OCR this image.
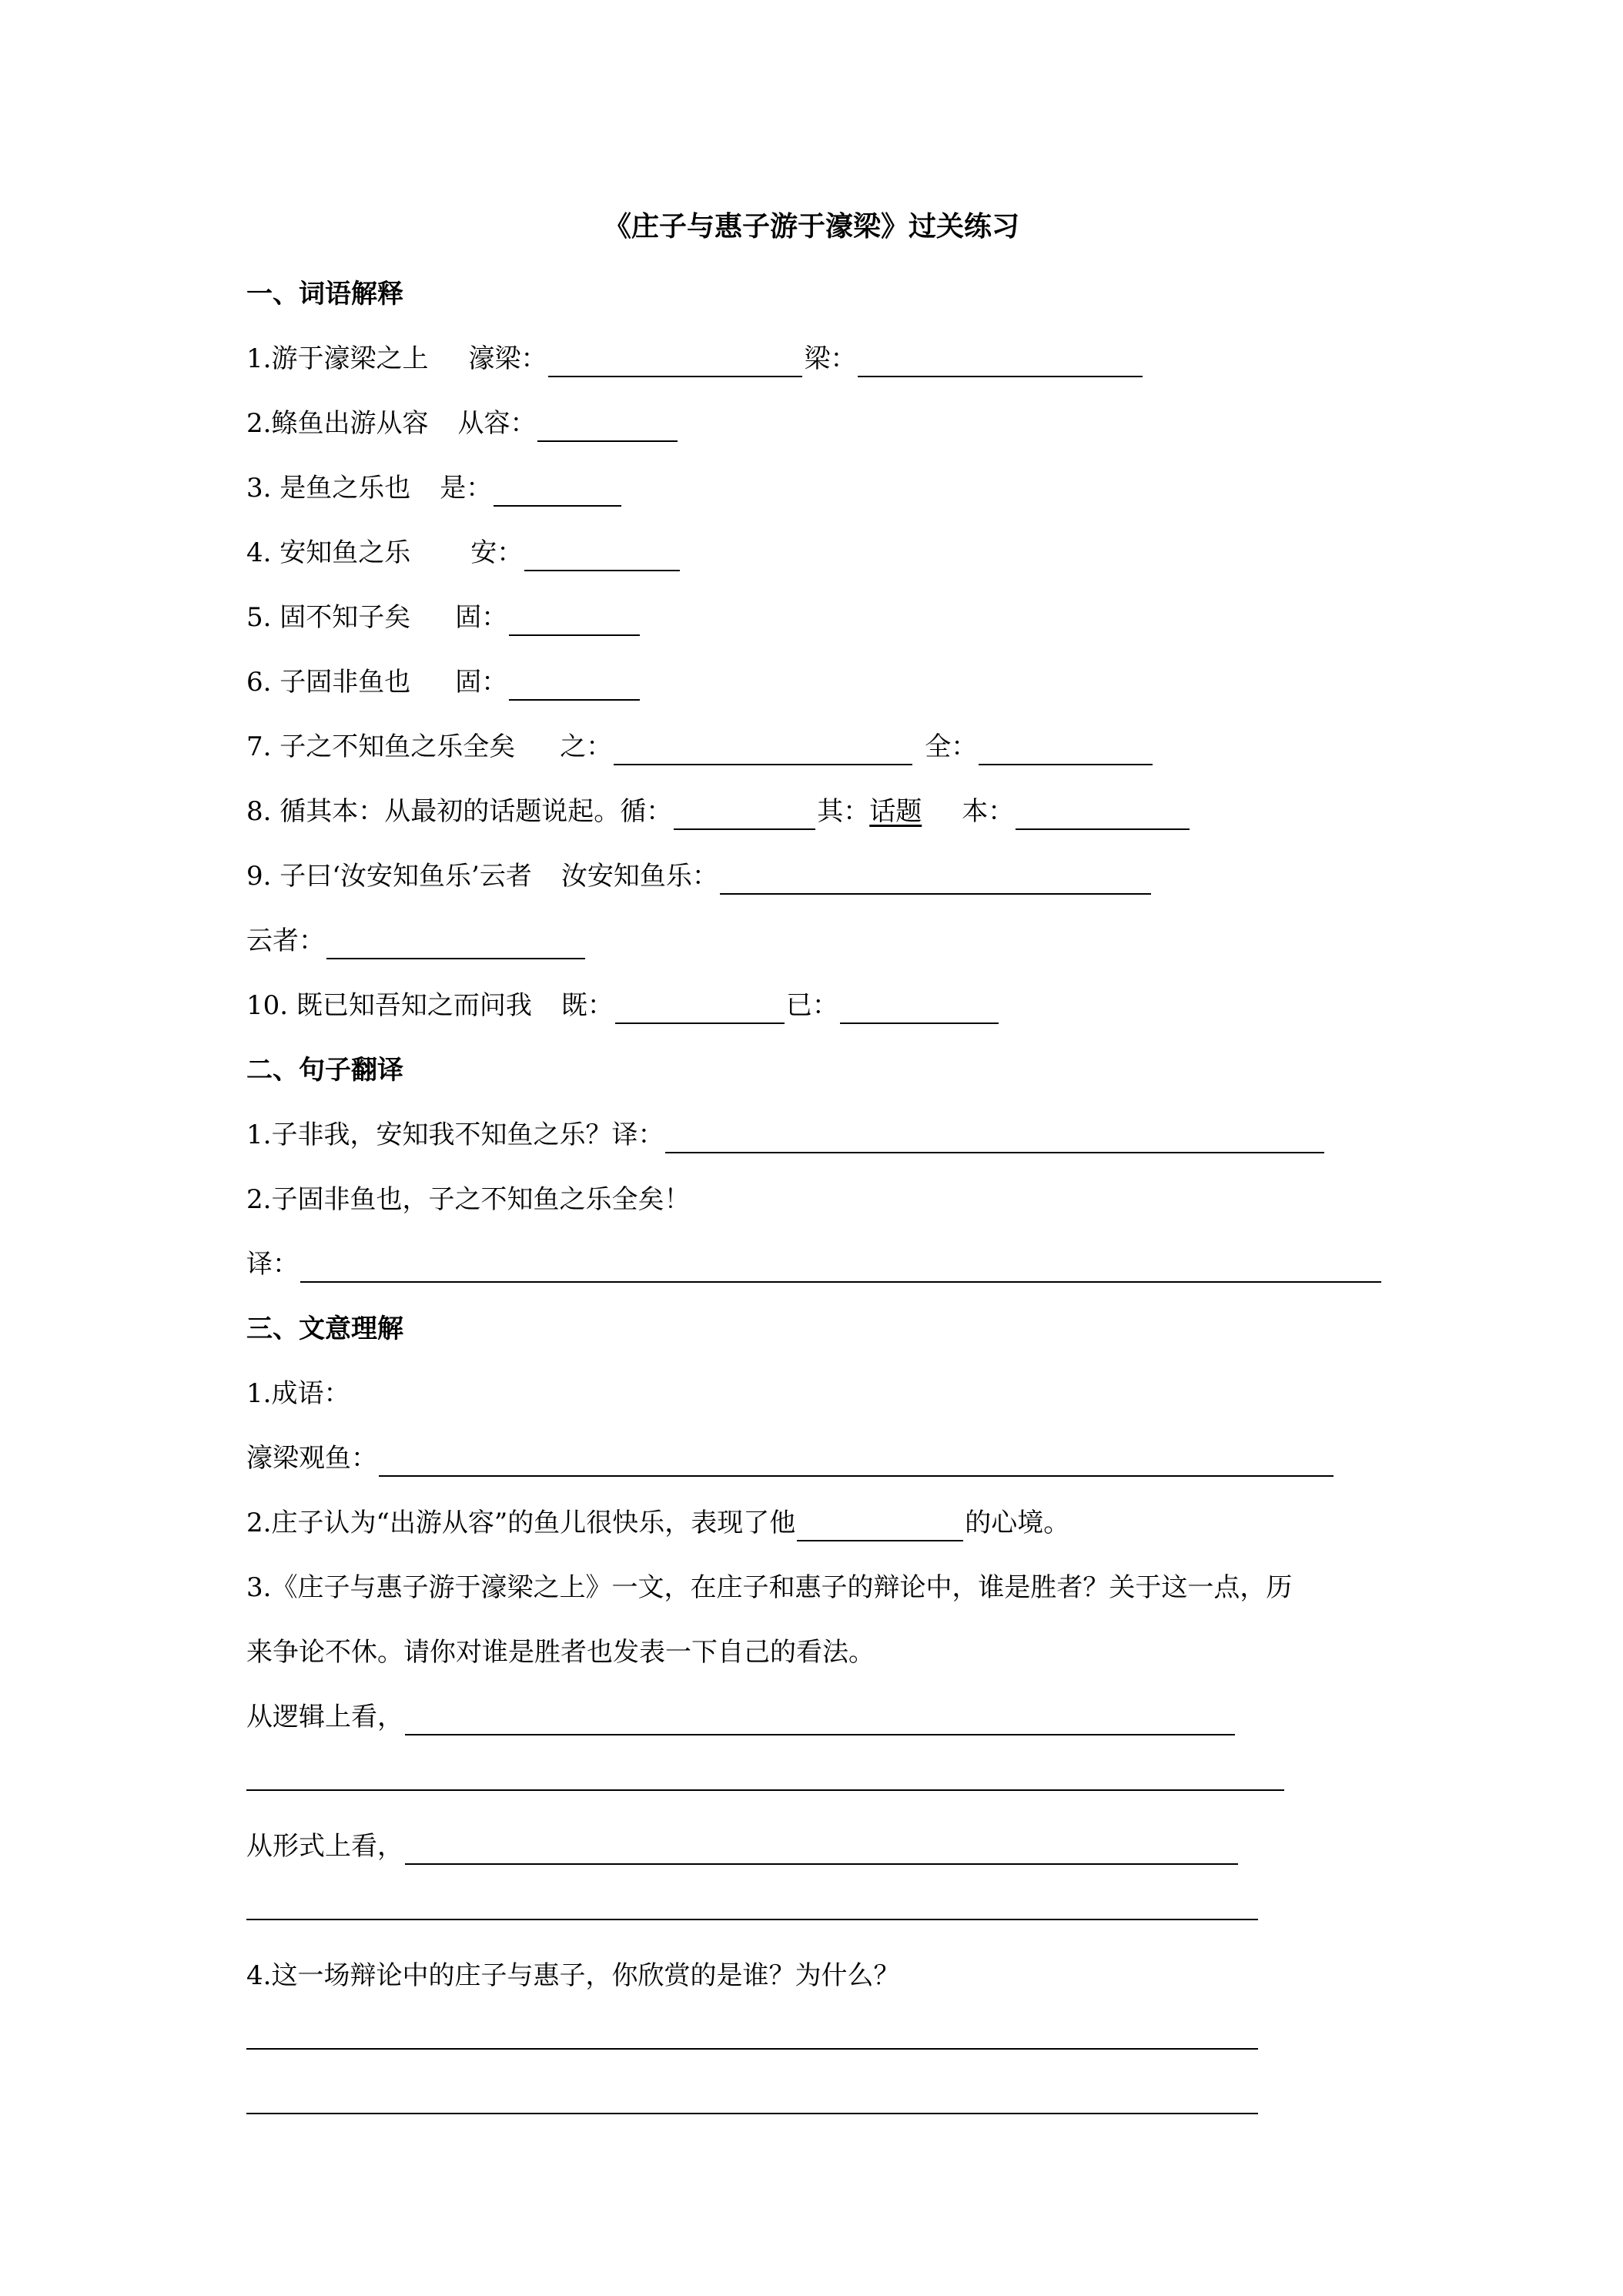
《庄子与惠子游于濠梁》过关练习
一、词语解释
1.游于濠梁之上 濠梁：	梁：
2.鲦鱼出游从容 从容：
3. 是鱼之乐也 是：
4. 安知鱼之乐 安：
5. 固不知子矣 固：
6. 子固非鱼也 固：
7. 子之不知鱼之乐全矣 之：	全：
8. 循其本：从最初的话题说起。循：	其： 话题 本：
9. 子曰‘汝安知鱼乐’云者 汝安知鱼乐：
云者：
10. 既已知吾知之而问我 既：	已：
二、句子翻译
1.子非我，安知我不知鱼之乐？译：
2.子固非鱼也，子之不知鱼之乐全矣！
译：
三、文意理解
1.成语：
濠梁观鱼：
2.庄子认为“出游从容”的鱼儿很快乐，表现了他	的心境。
3.《庄子与惠子游于濠梁之上》一文，在庄子和惠子的辩论中，谁是胜者？关于这一点，历
来争论不休。请你对谁是胜者也发表一下自己的看法。
从逻辑上看，
从形式上看，
4.这一场辩论中的庄子与惠子，你欣赏的是谁？为什么？
